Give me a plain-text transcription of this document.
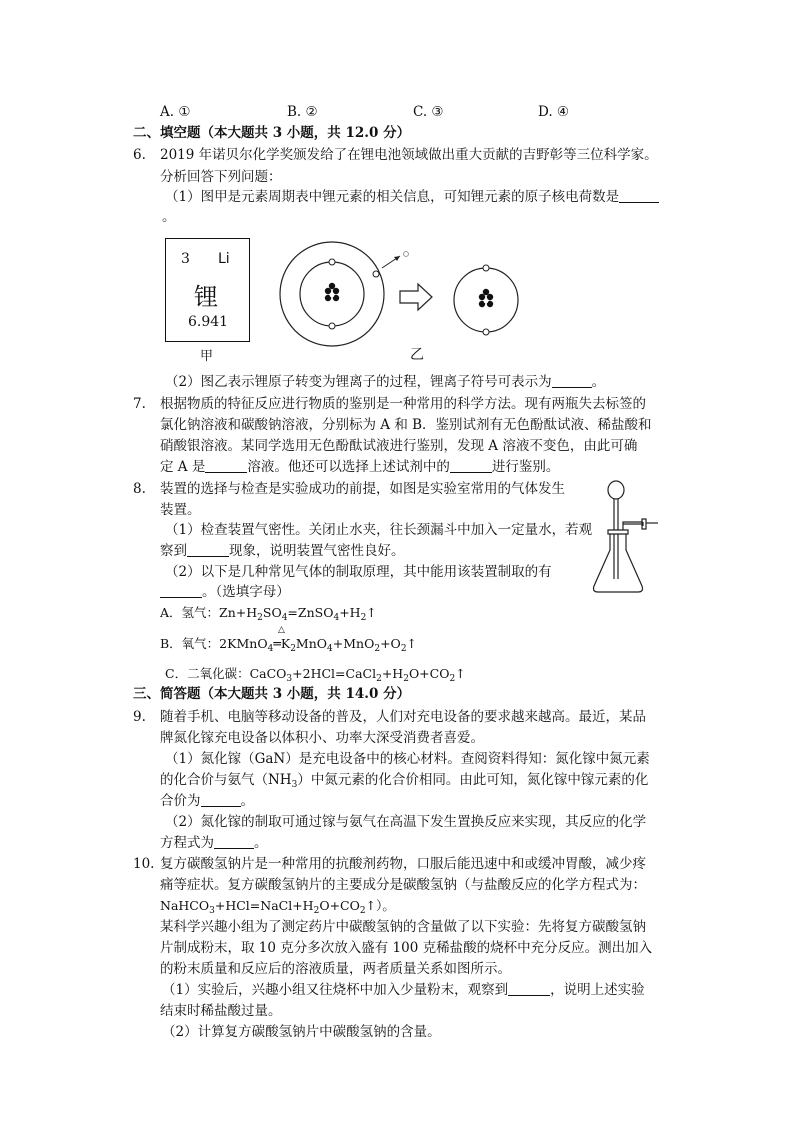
A. ①	B. ②	C. ③	D. ④
二、填空题（本大题共 3 小题，共 12.0 分）
6. 2019 年诺贝尔化学奖颁发给了在锂电池领域做出重大贡献的吉野彰等三位科学家。
分析回答下列问题：
（1）图甲是元素周期表中锂元素的相关信息，可知锂元素的原子核电荷数是
。
3 Li
锂
6.941
甲	乙
（2）图乙表示锂原子转变为锂离子的过程，锂离子符号可表示为	。
7. 根据物质的特征反应进行物质的鉴别是一种常用的科学方法。现有两瓶失去标签的
氯化钠溶液和碳酸钠溶液，分别标为 A 和 B．鉴别试剂有无色酚酞试液、稀盐酸和
硝酸银溶液。某同学选用无色酚酞试液进行鉴别，发现 A 溶液不变色，由此可确
定 A 是	溶液。他还可以选择上述试剂中的	进行鉴别。
8. 装置的选择与检查是实验成功的前提，如图是实验室常用的气体发生
装置。
（1）检查装置气密性。关闭止水夹，往长颈漏斗中加入一定量水，若观
察到	现象，说明装置气密性良好。
（2）以下是几种常见气体的制取原理，其中能用该装置制取的有
。（选填字母）
A．氢气：$Zn+H_2SO_4=ZnSO_4+H_2↑$
△
B．氧气：$2KMnO_4═K_2MnO_4+MnO_2+O_2↑$
C．二氧化碳：$CaCO_3+2HCl=CaCl_2+H_2O+CO_2↑$
三、简答题（本大题共 3 小题，共 14.0 分）
9. 随着手机、电脑等移动设备的普及，人们对充电设备的要求越来越高。最近，某品
牌氮化镓充电设备以体积小、功率大深受消费者喜爱。
（1）氮化镓（GaN）是充电设备中的核心材料。查阅资料得知：氮化镓中氮元素
的化合价与氨气$(NH_3)$中氮元素的化合价相同。由此可知，氮化镓中镓元素的化
合价为	。
（2）氮化镓的制取可通过镓与氨气在高温下发生置换反应来实现，其反应的化学
方程式为	。
10. 复方碳酸氢钠片是一种常用的抗酸剂药物，口服后能迅速中和或缓冲胃酸，减少疼
痛等症状。复方碳酸氢钠片的主要成分是碳酸氢钠（与盐酸反应的化学方程式为：
$NaHCO_3+HCl=NaCl+H_2O+CO_2↑$）。
某科学兴趣小组为了测定药片中碳酸氢钠的含量做了以下实验：先将复方碳酸氢钠
片制成粉末，取 10 克分多次放入盛有 100 克稀盐酸的烧杯中充分反应。测出加入
的粉末质量和反应后的溶液质量，两者质量关系如图所示。
（1）实验后，兴趣小组又往烧杯中加入少量粉末，观察到	，说明上述实验
结束时稀盐酸过量。
（2）计算复方碳酸氢钠片中碳酸氢钠的含量。
